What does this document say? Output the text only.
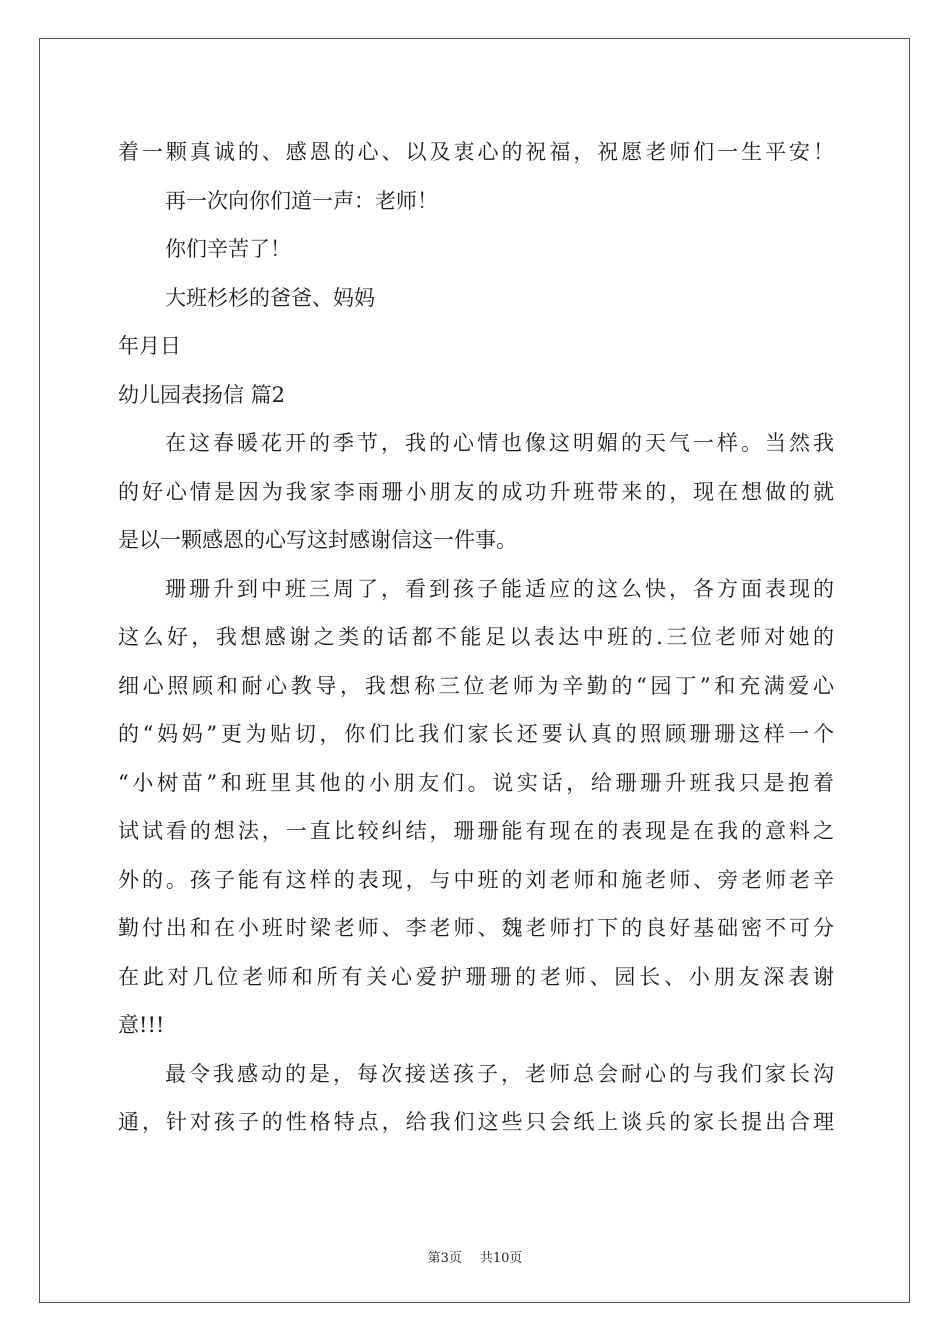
着一颗真诚的、感恩的心、以及衷心的祝福，祝愿老师们一生平安！
再一次向你们道一声：老师！
你们辛苦了！
大班杉杉的爸爸、妈妈
年月日
幼儿园表扬信 篇2
在这春暖花开的季节，我的心情也像这明媚的天气一样。当然我
的好心情是因为我家李雨珊小朋友的成功升班带来的，现在想做的就
是以一颗感恩的心写这封感谢信这一件事。
珊珊升到中班三周了，看到孩子能适应的这么快，各方面表现的
这么好，我想感谢之类的话都不能足以表达中班的.三位老师对她的
细心照顾和耐心教导，我想称三位老师为辛勤的“园丁”和充满爱心
的“妈妈”更为贴切，你们比我们家长还要认真的照顾珊珊这样一个
“小树苗”和班里其他的小朋友们。说实话，给珊珊升班我只是抱着
试试看的想法，一直比较纠结，珊珊能有现在的表现是在我的意料之
外的。孩子能有这样的表现，与中班的刘老师和施老师、旁老师老辛
勤付出和在小班时梁老师、李老师、魏老师打下的良好基础密不可分
在此对几位老师和所有关心爱护珊珊的老师、园长、小朋友深表谢
意!!!
最令我感动的是，每次接送孩子，老师总会耐心的与我们家长沟
通，针对孩子的性格特点，给我们这些只会纸上谈兵的家长提出合理
第3页 共10页
